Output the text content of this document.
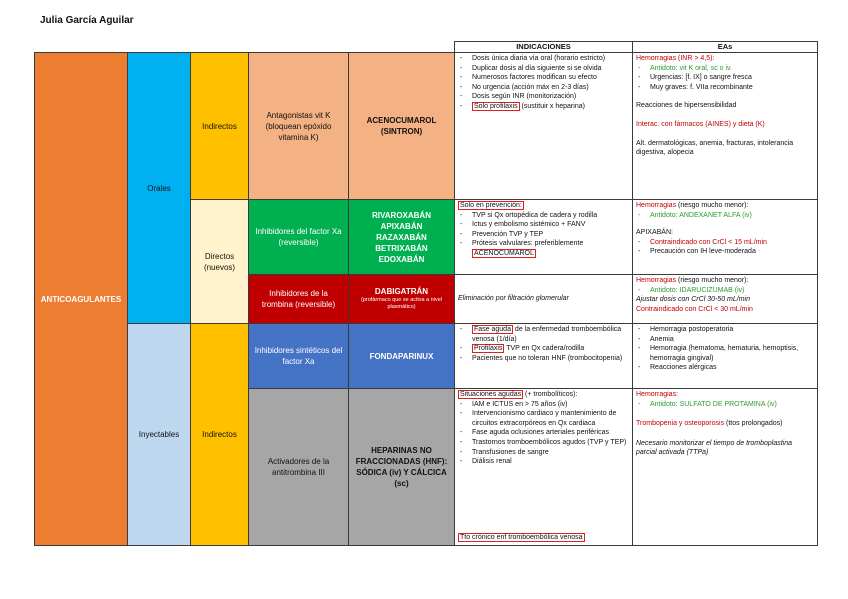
Julia García Aguilar
ANTICOAGULANTES
Orales
Inyectables
Indirectos
Directos (nuevos)
Indirectos
Antagonistas vit K (bloquean epóxido vitamina K)
Inhibidores del factor Xa (reversible)
Inhibidores de la trombina (reversible)
Inhibidores sintéticos del factor Xa
Activadores de la antitrombina III
ACENOCUMAROL (SINTRON)
RIVAROXABÁN APIXABÁN RAZAXABÁN BETRIXABÁN EDOXABÁN
DABIGATRÁN
(profármaco que se activa a nivel plasmático)
FONDAPARINUX
HEPARINAS NO FRACCIONADAS (HNF): SÓDICA (iv) Y CÁLCICA (sc)
INDICACIONES	EAs
- Dosis única diaria vía oral (horario estricto)
- Duplicar dosis al día siguiente si se olvida
- Numerosos factores modifican su efecto
- No urgencia (acción máx en 2-3 días)
- Dosis según INR (monitorización)
- Solo profilaxis (sustituir x heparina)
Solo en prevención:
- TVP si Qx ortopédica de cadera y rodilla
- Ictus y embolismo sistémico + FANV
- Prevención TVP y TEP
- Prótesis valvulares: preferiblemente
ACENOCUMAROL
Eliminación por filtración glomerular
- Fase aguda de la enfermedad tromboembólica venosa (1/día)
- Profilaxis TVP en Qx cadera/rodilla
- Pacientes que no toleran HNF (trombocitopenia)
Situaciones agudas (+ trombolíticos):
- IAM e ICTUS en > 75 años (iv)
- Intervencionismo cardiaco y mantenimiento de circuitos extracorpóreos en Qx cardiaca
- Fase aguda oclusiones arteriales periféricas
- Trastornos tromboembólicos agudos (TVP y TEP)
- Transfusiones de sangre
- Diálisis renal
Tto crónico enf tromboembólica venosa
Hemorragias (INR > 4,5):
- Antidoto: vit K oral, sc o iv.
- Urgencias: [f. IX] o sangre fresca
- Muy graves: f. VIIa recombinante
Reacciones de hipersensibilidad
Interac. con fármacos (AINES) y dieta (K)
Alt. dermatológicas, anemia, fracturas, intolerancia digestiva, alopecia
Hemorragias (riesgo mucho menor):
- Antidoto: ANDEXANET ALFA (iv)
APIXABÁN:
- Contraindicado con CrCl < 15 mL/min
- Precaución con IH leve-moderada
Hemorragias (riesgo mucho menor):
- Antidoto: IDARUCIZUMAB (iv)
Ajustar dosis con CrCl 30-50 mL/min
Contraindicado con CrCl < 30 mL/min
- Hemorragia postoperatoria
- Anemia
- Hemorragia (hematoma, hematuria, hemoptisis, hemorragia gingival)
- Reacciones alérgicas
Hemorragias:
- Antidoto: SULFATO DE PROTAMINA (iv)
Trombopenia y osteoporosis (ttos prolongados)
Necesario monitorizar el tiempo de tromboplastina parcial activada (TTPa)
